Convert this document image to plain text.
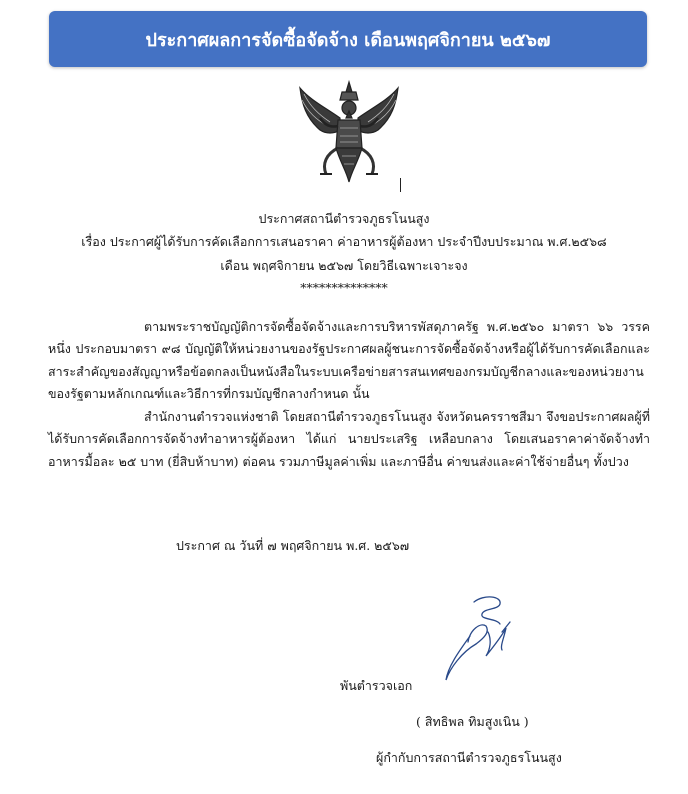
ประกาศผลการจัดซื้อจัดจ้าง เดือนพฤศจิกายน ๒๕๖๗
ประกาศสถานีตำรวจภูธรโนนสูง
เรื่อง ประกาศผู้ได้รับการคัดเลือกการเสนอราคา ค่าอาหารผู้ต้องหา ประจำปีงบประมาณ พ.ศ.๒๕๖๘
เดือน พฤศจิกายน ๒๕๖๗ โดยวิธีเฉพาะเจาะจง
**************

ตามพระราชบัญญัติการจัดซื้อจัดจ้างและการบริหารพัสดุภาครัฐ พ.ศ.๒๕๖๐ มาตรา ๖๖ วรรคหนึ่ง ประกอบมาตรา ๙๘ บัญญัติให้หน่วยงานของรัฐประกาศผลผู้ชนะการจัดซื้อจัดจ้างหรือผู้ได้รับการคัดเลือกและสาระสำคัญของสัญญาหรือข้อตกลงเป็นหนังสือในระบบเครือข่ายสารสนเทศของกรมบัญชีกลางและของหน่วยงานของรัฐตามหลักเกณฑ์และวิธีการที่กรมบัญชีกลางกำหนด นั้น

สำนักงานตำรวจแห่งชาติ โดยสถานีตำรวจภูธรโนนสูง จังหวัดนครราชสีมา จึงขอประกาศผลผู้ที่ได้รับการคัดเลือกการจัดจ้างทำอาหารผู้ต้องหา ได้แก่ นายประเสริฐ เหลือบกลาง โดยเสนอราคาค่าจัดจ้างทำอาหารมื้อละ ๒๕ บาท (ยี่สิบห้าบาท) ต่อคน รวมภาษีมูลค่าเพิ่ม และภาษีอื่น ค่าขนส่งและค่าใช้จ่ายอื่นๆ ทั้งปวง

ประกาศ ณ วันที่ ๗ พฤศจิกายน พ.ศ. ๒๕๖๗
พันตำรวจเอก
( สิทธิพล ทิมสูงเนิน )
ผู้กำกับการสถานีตำรวจภูธรโนนสูง
